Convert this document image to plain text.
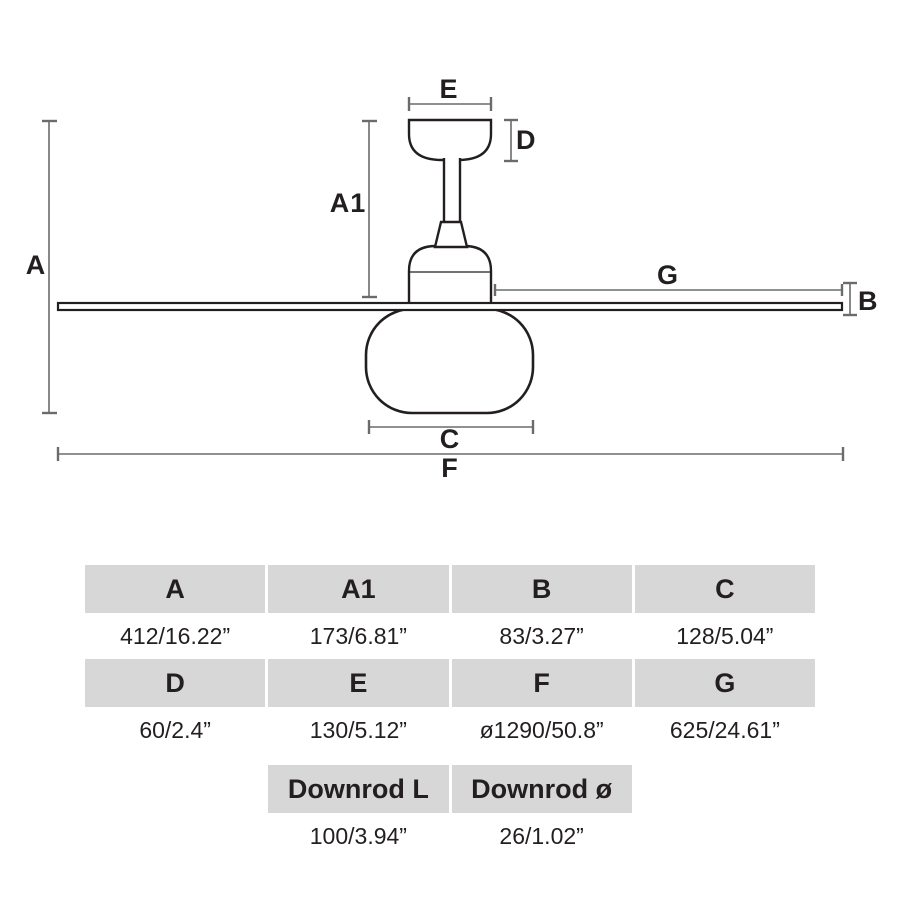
A
A1
E
D
G
B
C
F
A	A1	B	C
412/16.22”	173/6.81”	83/3.27”	128/5.04”
D	E	F	G
60/2.4”	130/5.12”	ø1290/50.8”	625/24.61”
Downrod L	Downrod ø
100/3.94”	26/1.02”
